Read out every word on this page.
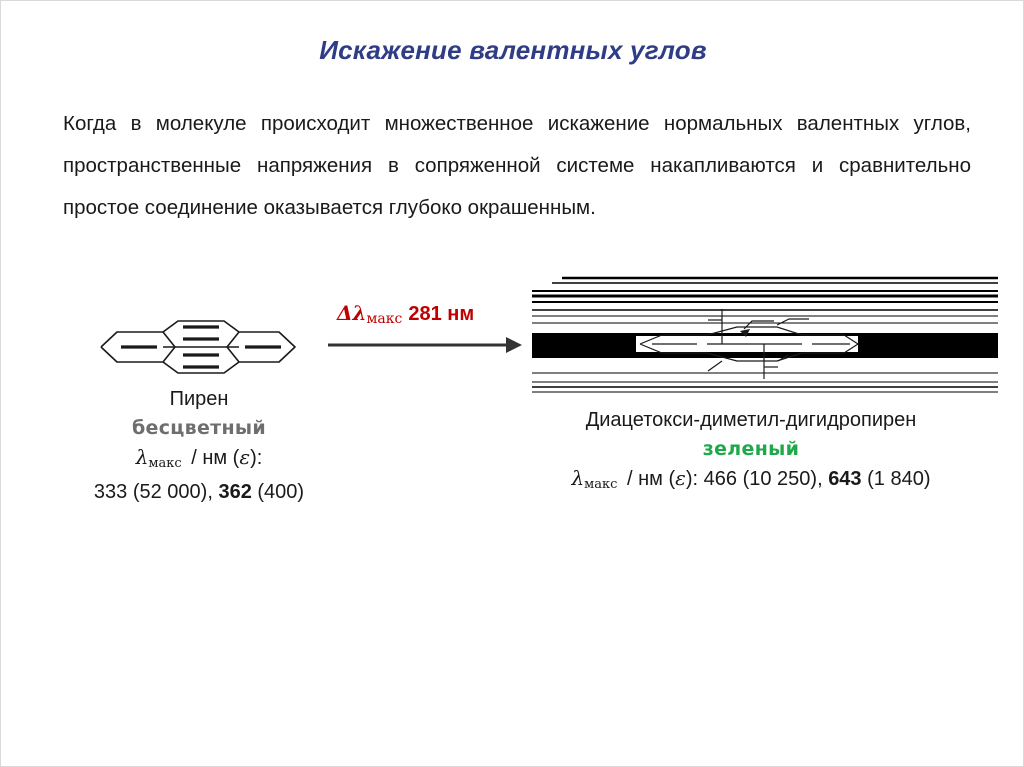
Искажение валентных углов
Когда в молекуле происходит множественное искажение нормальных валентных углов, пространственные напряжения в сопряженной системе накапливаются и сравнительно простое соединение оказывается глубоко окрашенным.
$\Delta\lambda_{макс}$ 281 нм
Пирен
бесцветный
λмакс / нм (ε):
333 (52 000), 362 (400)
Диацетокси-диметил-дигидропирен
зеленый
λмакс / нм (ε): 466 (10 250), 643 (1 840)
